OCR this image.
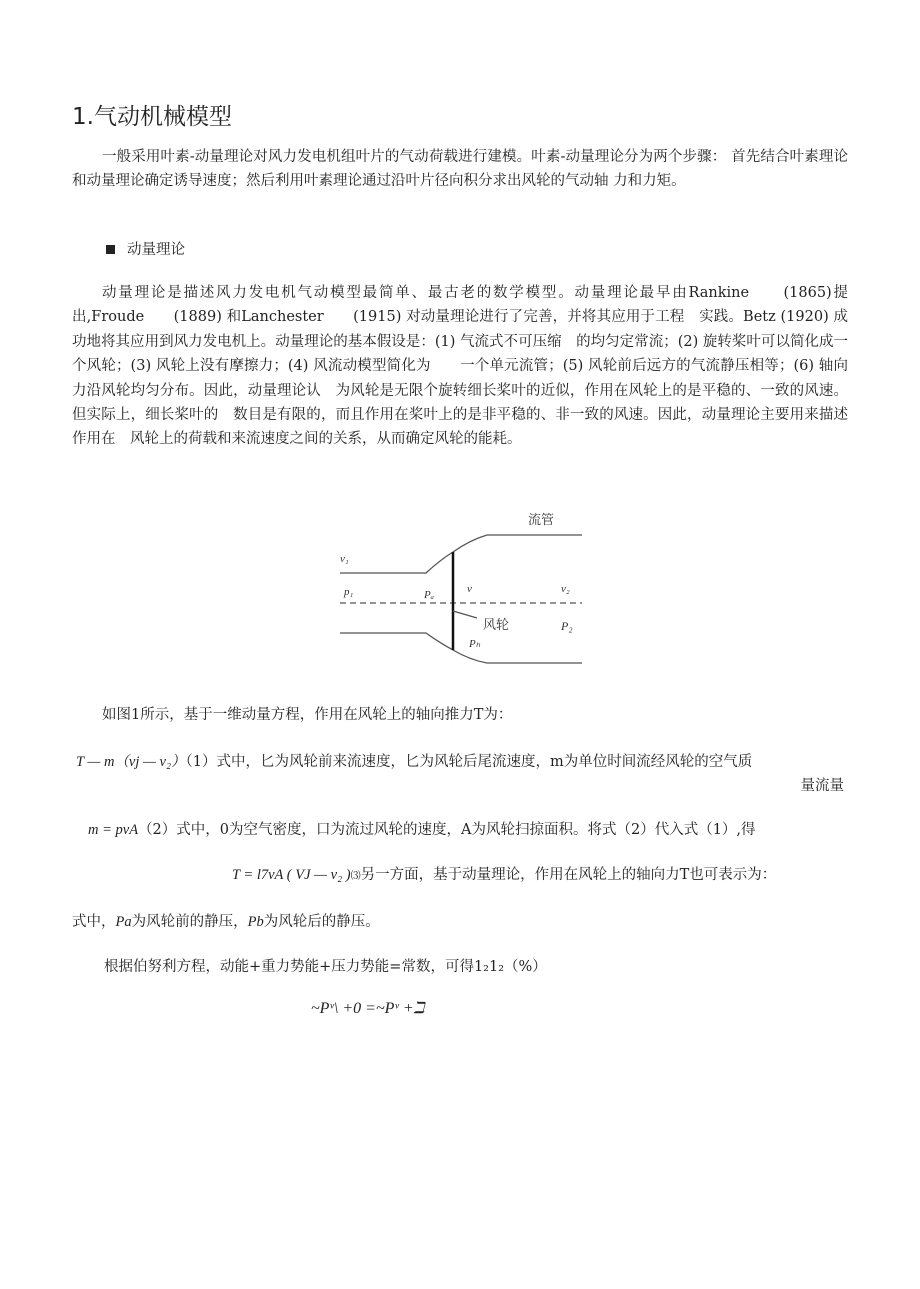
1.气动机械模型
一般采用叶素-动量理论对风力发电机组叶片的气动荷载进行建模。叶素-动量理论分为两个步骤： 首先结合叶素理论和动量理论确定诱导速度；然后利用叶素理论通过沿叶片径向积分求出风轮的气动轴 力和力矩。
动量理论
动量理论是描述风力发电机气动模型最简单、最古老的数学模型。动量理论最早由Rankine　　(1865)提出,Froude　　(1889) 和Lanchester　　(1915) 对动量理论进行了完善，并将其应用于工程　实践。Betz (1920) 成功地将其应用到风力发电机上。动量理论的基本假设是：(1) 气流式不可压缩　的均匀定常流；(2) 旋转桨叶可以简化成一个风轮；(3) 风轮上没有摩擦力；(4) 风流动模型简化为　　一个单元流管；(5) 风轮前后远方的气流静压相等；(6) 轴向力沿风轮均匀分布。因此，动量理论认　为风轮是无限个旋转细长桨叶的近似，作用在风轮上的是平稳的、一致的风速。但实际上，细长桨叶的　数目是有限的，而且作用在桨叶上的是非平稳的、非一致的风速。因此，动量理论主要用来描述作用在　风轮上的荷载和来流速度之间的关系，从而确定风轮的能耗。
流管
v₁
p₁	Pₐ	v	v₂
风轮	P₂
Pₕ
如图1所示，基于一维动量方程，作用在风轮上的轴向推力T为：
T — m（vj — v₂）（1）式中，匕为风轮前来流速度，匕为风轮后尾流速度，m为单位时间流经风轮的空气质
量流量
m = pvA（2）式中，0为空气密度，口为流过风轮的速度，A为风轮扫掠面积。将式（2）代入式（1）,得
T = l7vA ( VJ — v₂ )⑶另一方面，基于动量理论，作用在风轮上的轴向力T也可表示为：
式中，Pa为风轮前的静压，Pb为风轮后的静压。
根据伯努利方程，动能+重力势能+压力势能=常数，可得1₂1₂（%）
~Pᵛ\ +0 =~Pᵛ +ℶ
